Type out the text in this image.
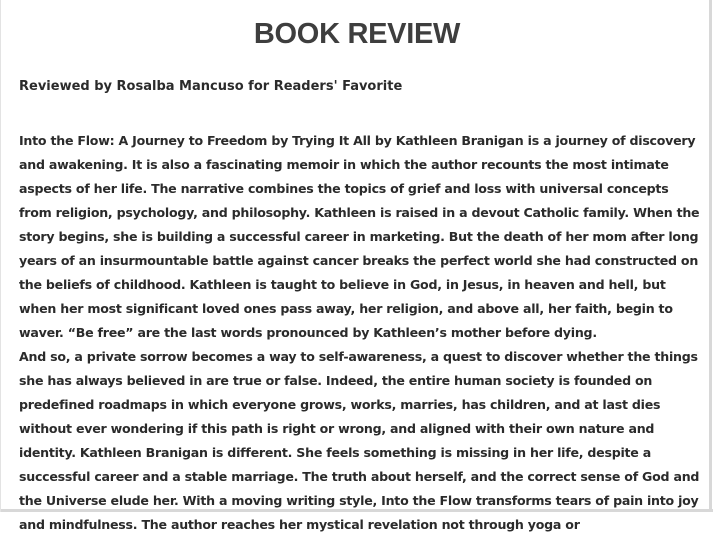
BOOK REVIEW

Reviewed by Rosalba Mancuso for Readers' Favorite

Into the Flow: A Journey to Freedom by Trying It All by Kathleen Branigan is a journey of discovery and awakening. It is also a fascinating memoir in which the author recounts the most intimate aspects of her life. The narrative combines the topics of grief and loss with universal concepts from religion, psychology, and philosophy. Kathleen is raised in a devout Catholic family. When the story begins, she is building a successful career in marketing. But the death of her mom after long years of an insurmountable battle against cancer breaks the perfect world she had constructed on the beliefs of childhood. Kathleen is taught to believe in God, in Jesus, in heaven and hell, but when her most significant loved ones pass away, her religion, and above all, her faith, begin to waver. “Be free” are the last words pronounced by Kathleen’s mother before dying.

And so, a private sorrow becomes a way to self-awareness, a quest to discover whether the things she has always believed in are true or false. Indeed, the entire human society is founded on predefined roadmaps in which everyone grows, works, marries, has children, and at last dies without ever wondering if this path is right or wrong, and aligned with their own nature and identity. Kathleen Branigan is different. She feels something is missing in her life, despite a successful career and a stable marriage. The truth about herself, and the correct sense of God and the Universe elude her. With a moving writing style, Into the Flow transforms tears of pain into joy and mindfulness. The author reaches her mystical revelation not through yoga or
